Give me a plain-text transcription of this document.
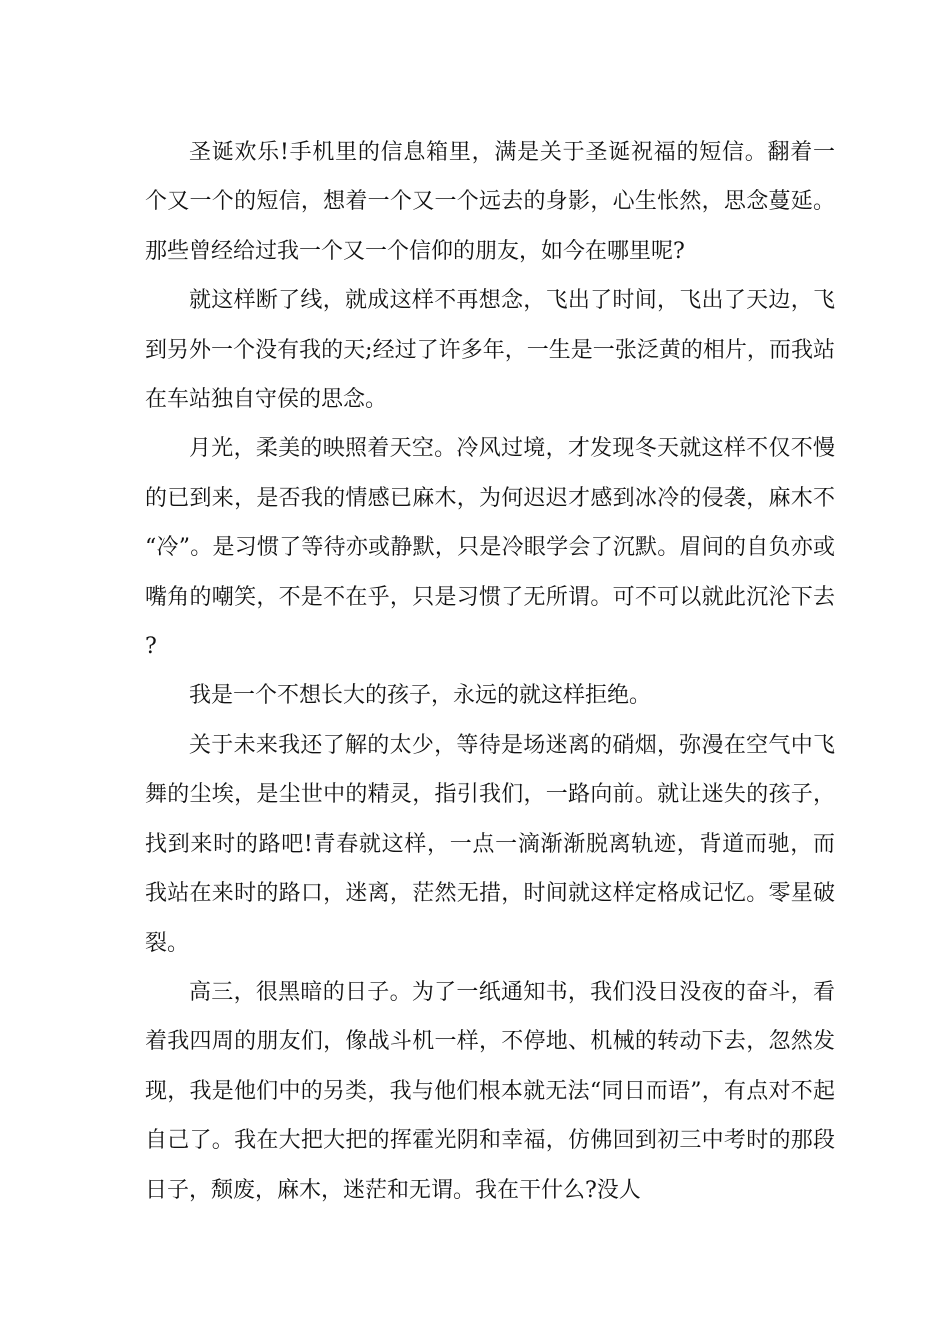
圣诞欢乐!手机里的信息箱里，满是关于圣诞祝福的短信。翻着一个又一个的短信，想着一个又一个远去的身影，心生怅然，思念蔓延。那些曾经给过我一个又一个信仰的朋友，如今在哪里呢?

就这样断了线，就成这样不再想念，飞出了时间，飞出了天边，飞到另外一个没有我的天;经过了许多年，一生是一张泛黄的相片，而我站在车站独自守侯的思念。

月光，柔美的映照着天空。冷风过境，才发现冬天就这样不仅不慢的已到来，是否我的情感已麻木，为何迟迟才感到冰冷的侵袭，麻木不“冷”。是习惯了等待亦或静默，只是冷眼学会了沉默。眉间的自负亦或嘴角的嘲笑，不是不在乎，只是习惯了无所谓。可不可以就此沉沦下去?

我是一个不想长大的孩子，永远的就这样拒绝。

关于未来我还了解的太少，等待是场迷离的硝烟，弥漫在空气中飞舞的尘埃，是尘世中的精灵，指引我们，一路向前。就让迷失的孩子，找到来时的路吧!青春就这样，一点一滴渐渐脱离轨迹，背道而驰，而我站在来时的路口，迷离，茫然无措，时间就这样定格成记忆。零星破裂。

高三，很黑暗的日子。为了一纸通知书，我们没日没夜的奋斗，看着我四周的朋友们，像战斗机一样，不停地、机械的转动下去，忽然发现，我是他们中的另类，我与他们根本就无法“同日而语”，有点对不起自己了。我在大把大把的挥霍光阴和幸福，仿佛回到初三中考时的那段日子，颓废，麻木，迷茫和无谓。我在干什么?没人
